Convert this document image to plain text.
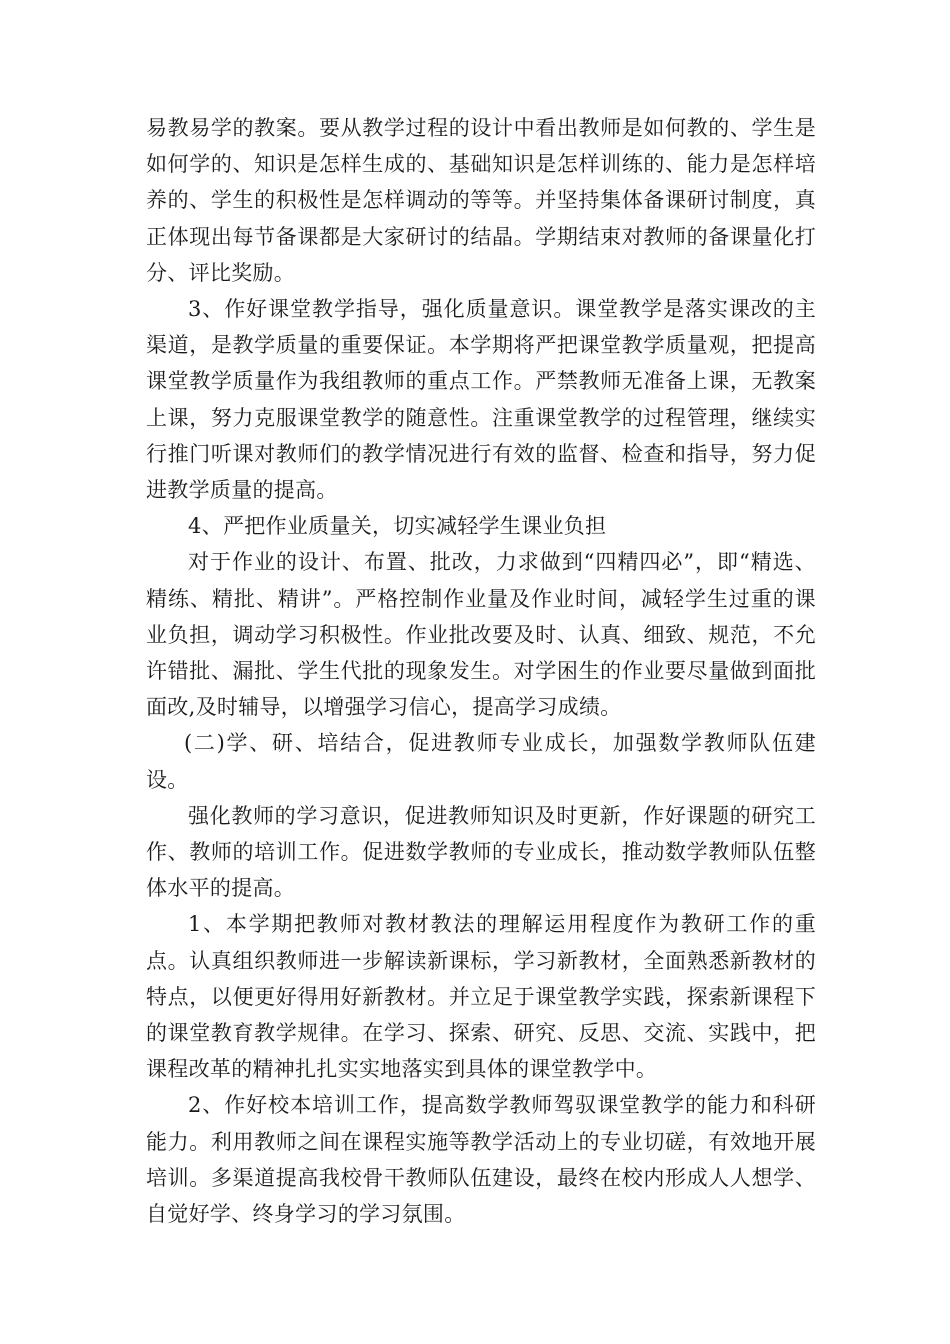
易教易学的教案。要从教学过程的设计中看出教师是如何教的、学生是如何学的、知识是怎样生成的、基础知识是怎样训练的、能力是怎样培养的、学生的积极性是怎样调动的等等。并坚持集体备课研讨制度，真正体现出每节备课都是大家研讨的结晶。学期结束对教师的备课量化打分、评比奖励。

3、作好课堂教学指导，强化质量意识。课堂教学是落实课改的主渠道，是教学质量的重要保证。本学期将严把课堂教学质量观，把提高课堂教学质量作为我组教师的重点工作。严禁教师无准备上课，无教案上课，努力克服课堂教学的随意性。注重课堂教学的过程管理，继续实行推门听课对教师们的教学情况进行有效的监督、检查和指导，努力促进教学质量的提高。

4、严把作业质量关，切实减轻学生课业负担

对于作业的设计、布置、批改，力求做到“四精四必”，即“精选、精练、精批、精讲”。严格控制作业量及作业时间，减轻学生过重的课业负担，调动学习积极性。作业批改要及时、认真、细致、规范，不允许错批、漏批、学生代批的现象发生。对学困生的作业要尽量做到面批面改,及时辅导，以增强学习信心，提高学习成绩。

(二)学、研、培结合，促进教师专业成长，加强数学教师队伍建设。

强化教师的学习意识，促进教师知识及时更新，作好课题的研究工作、教师的培训工作。促进数学教师的专业成长，推动数学教师队伍整体水平的提高。

1、本学期把教师对教材教法的理解运用程度作为教研工作的重点。认真组织教师进一步解读新课标，学习新教材，全面熟悉新教材的特点，以便更好得用好新教材。并立足于课堂教学实践，探索新课程下的课堂教育教学规律。在学习、探索、研究、反思、交流、实践中，把课程改革的精神扎扎实实地落实到具体的课堂教学中。

2、作好校本培训工作，提高数学教师驾驭课堂教学的能力和科研能力。利用教师之间在课程实施等教学活动上的专业切磋，有效地开展培训。多渠道提高我校骨干教师队伍建设，最终在校内形成人人想学、自觉好学、终身学习的学习氛围。
